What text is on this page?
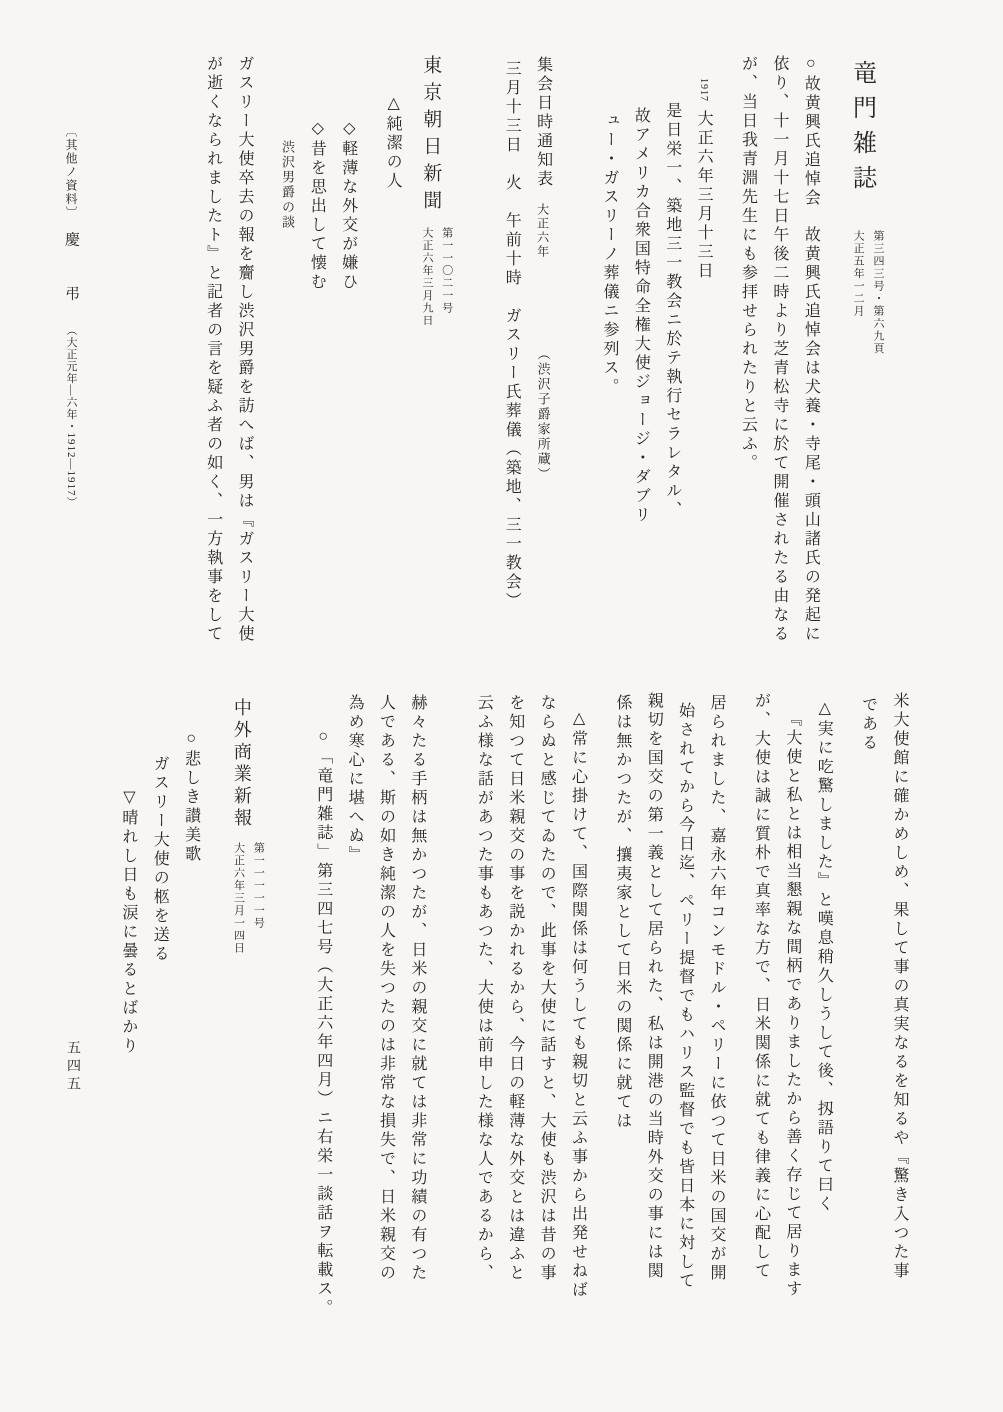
竜門雑誌
第三四三号・第六九頁
大正五年一二月

○故黄興氏追悼会故黄興氏追悼会は犬養・寺尾・頭山諸氏の発起に

依り、十一月十七日午後二時より芝青松寺に於て開催されたる由なる

が、当日我青淵先生にも参拝せられたりと云ふ。

1917大正六年三月十三日

是日栄一、築地三一教会ニ於テ執行セラレタル、

故アメリカ合衆国特命全権大使ジョージ・ダブリ

ュー・ガスリーノ葬儀ニ参列ス。

集会日時通知表大正六年（渋沢子爵家所蔵）

三月十三日　火　午前十時　ガスリー氏葬儀（築地、三一教会）

東京朝日新聞
第一一〇二一号
大正六年三月九日

△純潔の人

◇軽薄な外交が嫌ひ

◇昔を思出して懐む

渋沢男爵の談

ガスリー大使卒去の報を齎し渋沢男爵を訪へば、男は『ガスリー大使

が逝くなられましたト』と記者の言を疑ふ者の如く、一方執事をして

〔其他ノ資料〕慶　弔（大正元年―六年・1912―1917）

米大使館に確かめしめ、果して事の真実なるを知るや『驚き入つた事

である

△実に吃驚しました』と嘆息稍久しうして後、扨語りて曰く

『大使と私とは相当懇親な間柄でありましたから善く存じて居ります

が、大使は誠に質朴で真率な方で、日米関係に就ても律義に心配して

居られました、嘉永六年コンモドル・ペリーに依つて日米の国交が開

始されてから今日迄、ペリー提督でもハリス監督でも皆日本に対して

親切を国交の第一義として居られた、私は開港の当時外交の事には関

係は無かつたが、攘夷家として日米の関係に就ては

△常に心掛けて、国際関係は何うしても親切と云ふ事から出発せねば

ならぬと感じてゐたので、此事を大使に話すと、大使も渋沢は昔の事

を知つて日米親交の事を説かれるから、今日の軽薄な外交とは違ふと

云ふ様な話があつた事もあつた、大使は前申した様な人であるから、

赫々たる手柄は無かつたが、日米の親交に就ては非常に功績の有つた

人である、斯の如き純潔の人を失つたのは非常な損失で、日米親交の

為め寒心に堪へぬ』

○「竜門雑誌」第三四七号（大正六年四月）ニ右栄一談話ヲ転載ス。

中外商業新報
第一一一一一号
大正六年三月一四日

○悲しき讃美歌

ガスリー大使の柩を送る

▽晴れし日も涙に曇るとばかり

五四五
